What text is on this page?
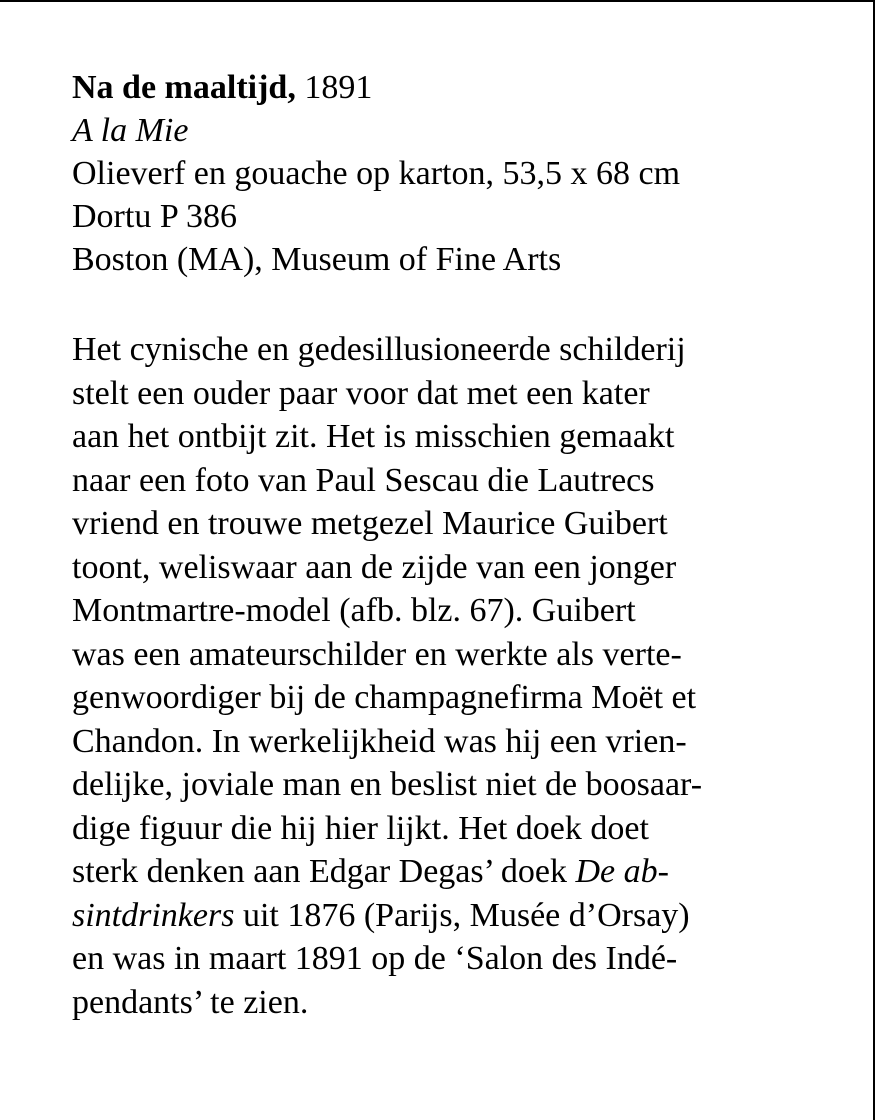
Na de maaltijd, 1891
A la Mie
Olieverf en gouache op karton, 53,5 x 68 cm
Dortu P 386
Boston (MA), Museum of Fine Arts
Het cynische en gedesillusioneerde schilderij
stelt een ouder paar voor dat met een kater
aan het ontbijt zit. Het is misschien gemaakt
naar een foto van Paul Sescau die Lautrecs
vriend en trouwe metgezel Maurice Guibert
toont, weliswaar aan de zijde van een jonger
Montmartre-model (afb. blz. 67). Guibert
was een amateurschilder en werkte als verte-
genwoordiger bij de champagnefirma Moët et
Chandon. In werkelijkheid was hij een vrien-
delijke, joviale man en beslist niet de boosaar-
dige figuur die hij hier lijkt. Het doek doet
sterk denken aan Edgar Degas’ doek De ab-
sintdrinkers uit 1876 (Parijs, Musée d’Orsay)
en was in maart 1891 op de ‘Salon des Indé-
pendants’ te zien.
